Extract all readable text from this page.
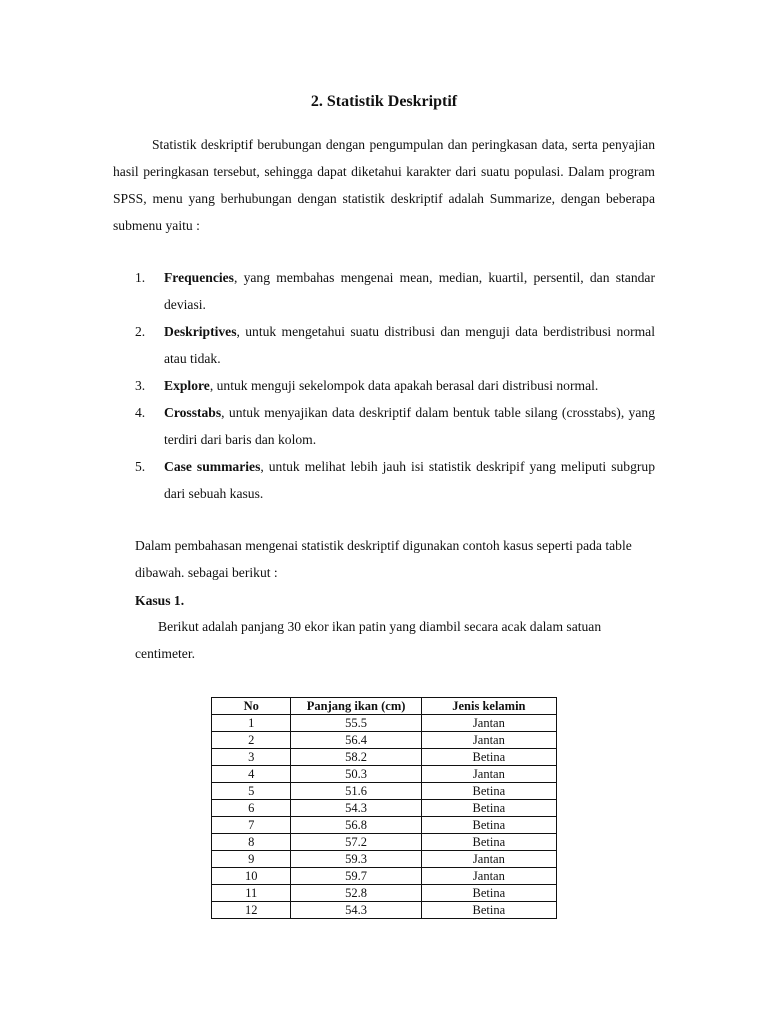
2. Statistik Deskriptif

Statistik deskriptif berubungan dengan pengumpulan dan peringkasan data, serta penyajian hasil peringkasan tersebut, sehingga dapat diketahui karakter dari suatu populasi. Dalam program SPSS, menu yang berhubungan dengan statistik deskriptif adalah Summarize, dengan beberapa submenu yaitu :

1. Frequencies, yang membahas mengenai mean, median, kuartil, persentil, dan standar deviasi.
2. Deskriptives, untuk mengetahui suatu distribusi dan menguji data berdistribusi normal atau tidak.
3. Explore, untuk menguji sekelompok data apakah berasal dari distribusi normal.
4. Crosstabs, untuk menyajikan data deskriptif dalam bentuk table silang (crosstabs), yang terdiri dari baris dan kolom.
5. Case summaries, untuk melihat lebih jauh isi statistik deskripif yang meliputi subgrup dari sebuah kasus.

Dalam pembahasan mengenai statistik deskriptif digunakan contoh kasus seperti pada table dibawah. sebagai berikut :

Kasus 1.

Berikut adalah panjang 30 ekor ikan patin yang diambil secara acak dalam satuan centimeter.

No	Panjang ikan (cm)	Jenis kelamin
1	55.5	Jantan
2	56.4	Jantan
3	58.2	Betina
4	50.3	Jantan
5	51.6	Betina
6	54.3	Betina
7	56.8	Betina
8	57.2	Betina
9	59.3	Jantan
10	59.7	Jantan
11	52.8	Betina
12	54.3	Betina
